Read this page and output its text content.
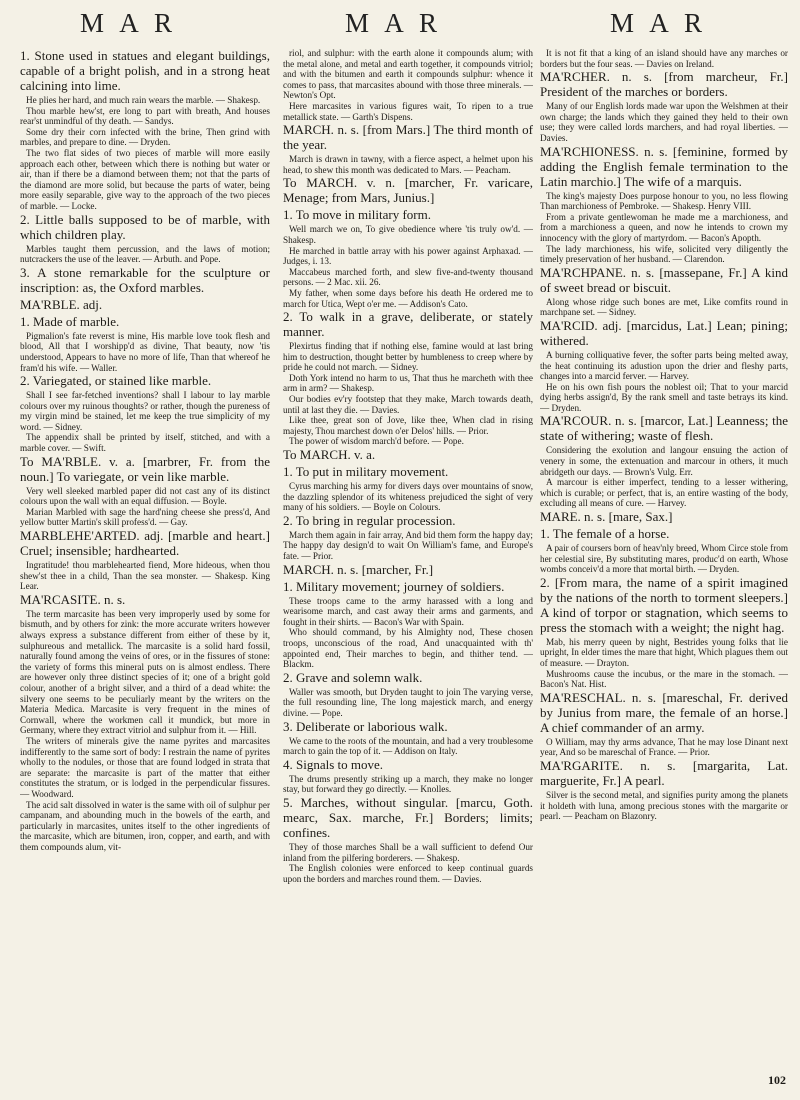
M A R	M A R	M A R

1. Stone used in statues and elegant buildings, capable of a bright polish, and in a strong heat calcining into lime.

He plies her hard, and much rain wears the marble. — Shakesp.

Thou marble hew'st, ere long to part with breath, And houses rear'st unmindful of thy death. — Sandys.

Some dry their corn infected with the brine, Then grind with marbles, and prepare to dine. — Dryden.

The two flat sides of two pieces of marble will more easily approach each other, between which there is nothing but water or air, than if there be a diamond between them; not that the parts of the diamond are more solid, but because the parts of water, being more easily separable, give way to the approach of the two pieces of marble. — Locke.

2. Little balls supposed to be of marble, with which children play.

Marbles taught them percussion, and the laws of motion; nutcrackers the use of the leaver. — Arbuth. and Pope.

3. A stone remarkable for the sculpture or inscription: as, the Oxford marbles.

MA'RBLE. adj.

1. Made of marble.

Pigmalion's fate reverst is mine, His marble love took flesh and blood, All that I worshipp'd as divine, That beauty, now 'tis understood, Appears to have no more of life, Than that whereof he fram'd his wife. — Waller.

2. Variegated, or stained like marble.

Shall I see far-fetched inventions? shall I labour to lay marble colours over my ruinous thoughts? or rather, though the pureness of my virgin mind be stained, let me keep the true simplicity of my word. — Sidney.

The appendix shall be printed by itself, stitched, and with a marble cover. — Swift.

To MA'RBLE. v. a. [marbrer, Fr. from the noun.] To variegate, or vein like marble.

Very well sleeked marbled paper did not cast any of its distinct colours upon the wall with an equal diffusion. — Boyle.

Marian Marbled with sage the hard'ning cheese she press'd, And yellow butter Martin's skill profess'd. — Gay.

MARBLEHE'ARTED. adj. [marble and heart.] Cruel; insensible; hardhearted.

Ingratitude! thou marblehearted fiend, More hideous, when thou shew'st thee in a child, Than the sea monster. — Shakesp. King Lear.

MA'RCASITE. n. s.

The term marcasite has been very improperly used by some for bismuth, and by others for zink: the more accurate writers however always express a substance different from either of these by it, sulphureous and metallick. The marcasite is a solid hard fossil, naturally found among the veins of ores, or in the fissures of stone: the variety of forms this mineral puts on is almost endless. There are however only three distinct species of it; one of a bright gold colour, another of a bright silver, and a third of a dead white: the silvery one seems to be peculiarly meant by the writers on the Materia Medica. Marcasite is very frequent in the mines of Cornwall, where the workmen call it mundick, but more in Germany, where they extract vitriol and sulphur from it. — Hill.

The writers of minerals give the name pyrites and marcasites indifferently to the same sort of body: I restrain the name of pyrites wholly to the nodules, or those that are found lodged in strata that are separate: the marcasite is part of the matter that either constitutes the stratum, or is lodged in the perpendicular fissures. — Woodward.

The acid salt dissolved in water is the same with oil of sulphur per campanam, and abounding much in the bowels of the earth, and particularly in marcasites, unites itself to the other ingredients of the marcasite, which are bitumen, iron, copper, and earth, and with them compounds alum, vit-

riol, and sulphur: with the earth alone it compounds alum; with the metal alone, and metal and earth together, it compounds vitriol; and with the bitumen and earth it compounds sulphur: whence it comes to pass, that marcasites abound with those three minerals. — Newton's Opt.

Here marcasites in various figures wait, To ripen to a true metallick state. — Garth's Dispens.

MARCH. n. s. [from Mars.] The third month of the year.

March is drawn in tawny, with a fierce aspect, a helmet upon his head, to shew this month was dedicated to Mars. — Peacham.

To MARCH. v. n. [marcher, Fr. varicare, Menage; from Mars, Junius.]

1. To move in military form.

Well march we on, To give obedience where 'tis truly ow'd. — Shakesp.

He marched in battle array with his power against Arphaxad. — Judges, i. 13.

Maccabeus marched forth, and slew five-and-twenty thousand persons. — 2 Mac. xii. 26.

My father, when some days before his death He ordered me to march for Utica, Wept o'er me. — Addison's Cato.

2. To walk in a grave, deliberate, or stately manner.

Plexirtus finding that if nothing else, famine would at last bring him to destruction, thought better by humbleness to creep where by pride he could not march. — Sidney.

Doth York intend no harm to us, That thus he marcheth with thee arm in arm? — Shakesp.

Our bodies ev'ry footstep that they make, March towards death, until at last they die. — Davies.

Like thee, great son of Jove, like thee, When clad in rising majesty, Thou marchest down o'er Delos' hills. — Prior.

The power of wisdom march'd before. — Pope.

To MARCH. v. a.

1. To put in military movement.

Cyrus marching his army for divers days over mountains of snow, the dazzling splendor of its whiteness prejudiced the sight of very many of his soldiers. — Boyle on Colours.

2. To bring in regular procession.

March them again in fair array, And bid them form the happy day; The happy day design'd to wait On William's fame, and Europe's fate. — Prior.

MARCH. n. s. [marcher, Fr.]

1. Military movement; journey of soldiers.

These troops came to the army harassed with a long and wearisome march, and cast away their arms and garments, and fought in their shirts. — Bacon's War with Spain.

Who should command, by his Almighty nod, These chosen troops, unconscious of the road, And unacquainted with th' appointed end, Their marches to begin, and thither tend. — Blackm.

2. Grave and solemn walk.

Waller was smooth, but Dryden taught to join The varying verse, the full resounding line, The long majestick march, and energy divine. — Pope.

3. Deliberate or laborious walk.

We came to the roots of the mountain, and had a very troublesome march to gain the top of it. — Addison on Italy.

4. Signals to move.

The drums presently striking up a march, they make no longer stay, but forward they go directly. — Knolles.

5. Marches, without singular. [marcu, Goth. mearc, Sax. marche, Fr.] Borders; limits; confines.

They of those marches Shall be a wall sufficient to defend Our inland from the pilfering borderers. — Shakesp.

The English colonies were enforced to keep continual guards upon the borders and marches round them. — Davies.

It is not fit that a king of an island should have any marches or borders but the four seas. — Davies on Ireland.

MA'RCHER. n. s. [from marcheur, Fr.] President of the marches or borders.

Many of our English lords made war upon the Welshmen at their own charge; the lands which they gained they held to their own use; they were called lords marchers, and had royal liberties. — Davies.

MA'RCHIONESS. n. s. [feminine, formed by adding the English female termination to the Latin marchio.] The wife of a marquis.

The king's majesty Does purpose honour to you, no less flowing Than marchioness of Pembroke. — Shakesp. Henry VIII.

From a private gentlewoman he made me a marchioness, and from a marchioness a queen, and now he intends to crown my innocency with the glory of martyrdom. — Bacon's Apopth.

The lady marchioness, his wife, solicited very diligently the timely preservation of her husband. — Clarendon.

MA'RCHPANE. n. s. [massepane, Fr.] A kind of sweet bread or biscuit.

Along whose ridge such bones are met, Like comfits round in marchpane set. — Sidney.

MA'RCID. adj. [marcidus, Lat.] Lean; pining; withered.

A burning colliquative fever, the softer parts being melted away, the heat continuing its adustion upon the drier and fleshy parts, changes into a marcid ferver. — Harvey.

He on his own fish pours the noblest oil; That to your marcid dying herbs assign'd, By the rank smell and taste betrays its kind. — Dryden.

MA'RCOUR. n. s. [marcor, Lat.] Leanness; the state of withering; waste of flesh.

Considering the exolution and langour ensuing the action of venery in some, the extenuation and marcour in others, it much abridgeth our days. — Brown's Vulg. Err.

A marcour is either imperfect, tending to a lesser withering, which is curable; or perfect, that is, an entire wasting of the body, excluding all means of cure. — Harvey.

MARE. n. s. [mare, Sax.]

1. The female of a horse.

A pair of coursers born of heav'nly breed, Whom Circe stole from her celestial sire, By substituting mares, produc'd on earth, Whose wombs conceiv'd a more that mortal birth. — Dryden.

2. [From mara, the name of a spirit imagined by the nations of the north to torment sleepers.] A kind of torpor or stagnation, which seems to press the stomach with a weight; the night hag.

Mab, his merry queen by night, Bestrides young folks that lie upright, In elder times the mare that hight, Which plagues them out of measure. — Drayton.

Mushrooms cause the incubus, or the mare in the stomach. — Bacon's Nat. Hist.

MA'RESCHAL. n. s. [mareschal, Fr. derived by Junius from mare, the female of an horse.] A chief commander of an army.

O William, may thy arms advance, That he may lose Dinant next year, And so be mareschal of France. — Prior.

MA'RGARITE. n. s. [margarita, Lat. marguerite, Fr.] A pearl.

Silver is the second metal, and signifies purity among the planets it holdeth with luna, among precious stones with the margarite or pearl. — Peacham on Blazonry.

102
